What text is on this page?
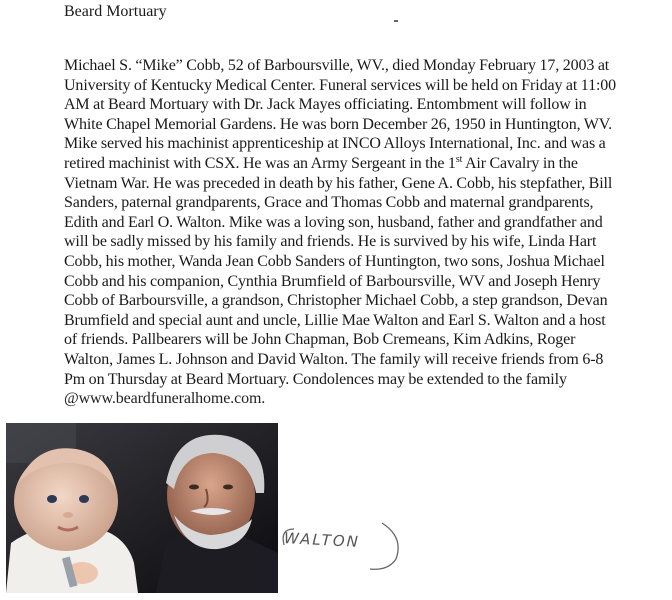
Beard Mortuary
Michael S. “Mike” Cobb, 52 of Barboursville, WV., died Monday February 17, 2003 at
University of Kentucky Medical Center. Funeral services will be held on Friday at 11:00
AM at Beard Mortuary with Dr. Jack Mayes officiating. Entombment will follow in
White Chapel Memorial Gardens. He was born December 26, 1950 in Huntington, WV.
Mike served his machinist apprenticeship at INCO Alloys International, Inc. and was a
retired machinist with CSX. He was an Army Sergeant in the 1st Air Cavalry in the
Vietnam War. He was preceded in death by his father, Gene A. Cobb, his stepfather, Bill
Sanders, paternal grandparents, Grace and Thomas Cobb and maternal grandparents,
Edith and Earl O. Walton. Mike was a loving son, husband, father and grandfather and
will be sadly missed by his family and friends. He is survived by his wife, Linda Hart
Cobb, his mother, Wanda Jean Cobb Sanders of Huntington, two sons, Joshua Michael
Cobb and his companion, Cynthia Brumfield of Barboursville, WV and Joseph Henry
Cobb of Barboursville, a grandson, Christopher Michael Cobb, a step grandson, Devan
Brumfield and special aunt and uncle, Lillie Mae Walton and Earl S. Walton and a host
of friends. Pallbearers will be John Chapman, Bob Cremeans, Kim Adkins, Roger
Walton, James L. Johnson and David Walton. The family will receive friends from 6-8
Pm on Thursday at Beard Mortuary. Condolences may be extended to the family
@www.beardfuneralhome.com.
WALTON
